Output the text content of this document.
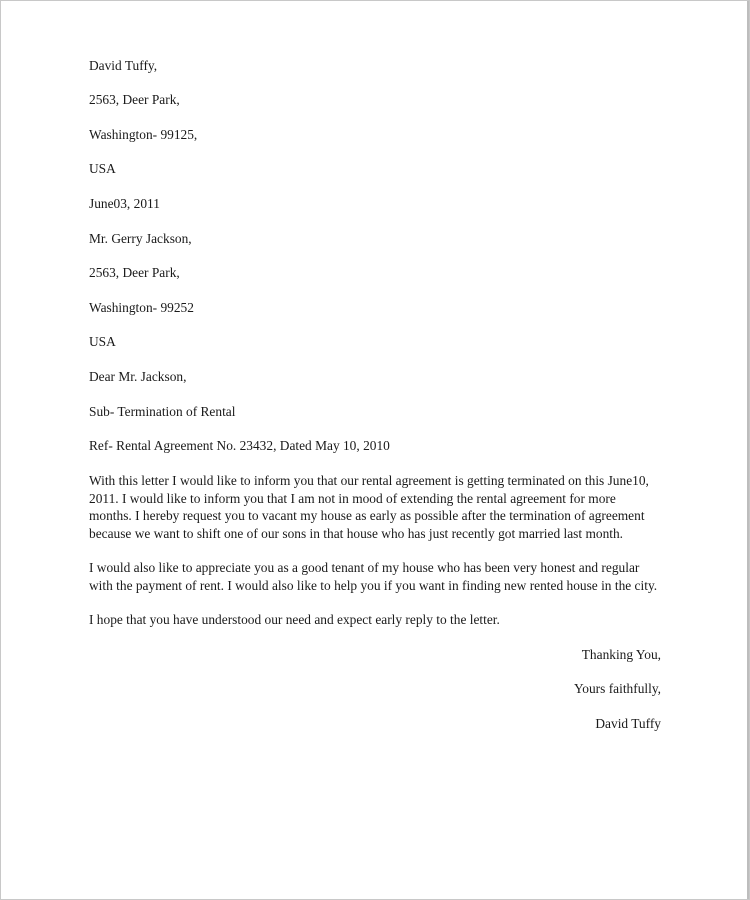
David Tuffy,

2563, Deer Park,

Washington- 99125,

USA

June03, 2011

Mr. Gerry Jackson,

2563, Deer Park,

Washington- 99252

USA

Dear Mr. Jackson,

Sub- Termination of Rental

Ref- Rental Agreement No. 23432, Dated May 10, 2010

With this letter I would like to inform you that our rental agreement is getting terminated on this June10,
2011. I would like to inform you that I am not in mood of extending the rental agreement for more
months. I hereby request you to vacant my house as early as possible after the termination of agreement
because we want to shift one of our sons in that house who has just recently got married last month.
I would also like to appreciate you as a good tenant of my house who has been very honest and regular
with the payment of rent. I would also like to help you if you want in finding new rented house in the city.
I hope that you have understood our need and expect early reply to the letter.

Thanking You,

Yours faithfully,

David Tuffy
